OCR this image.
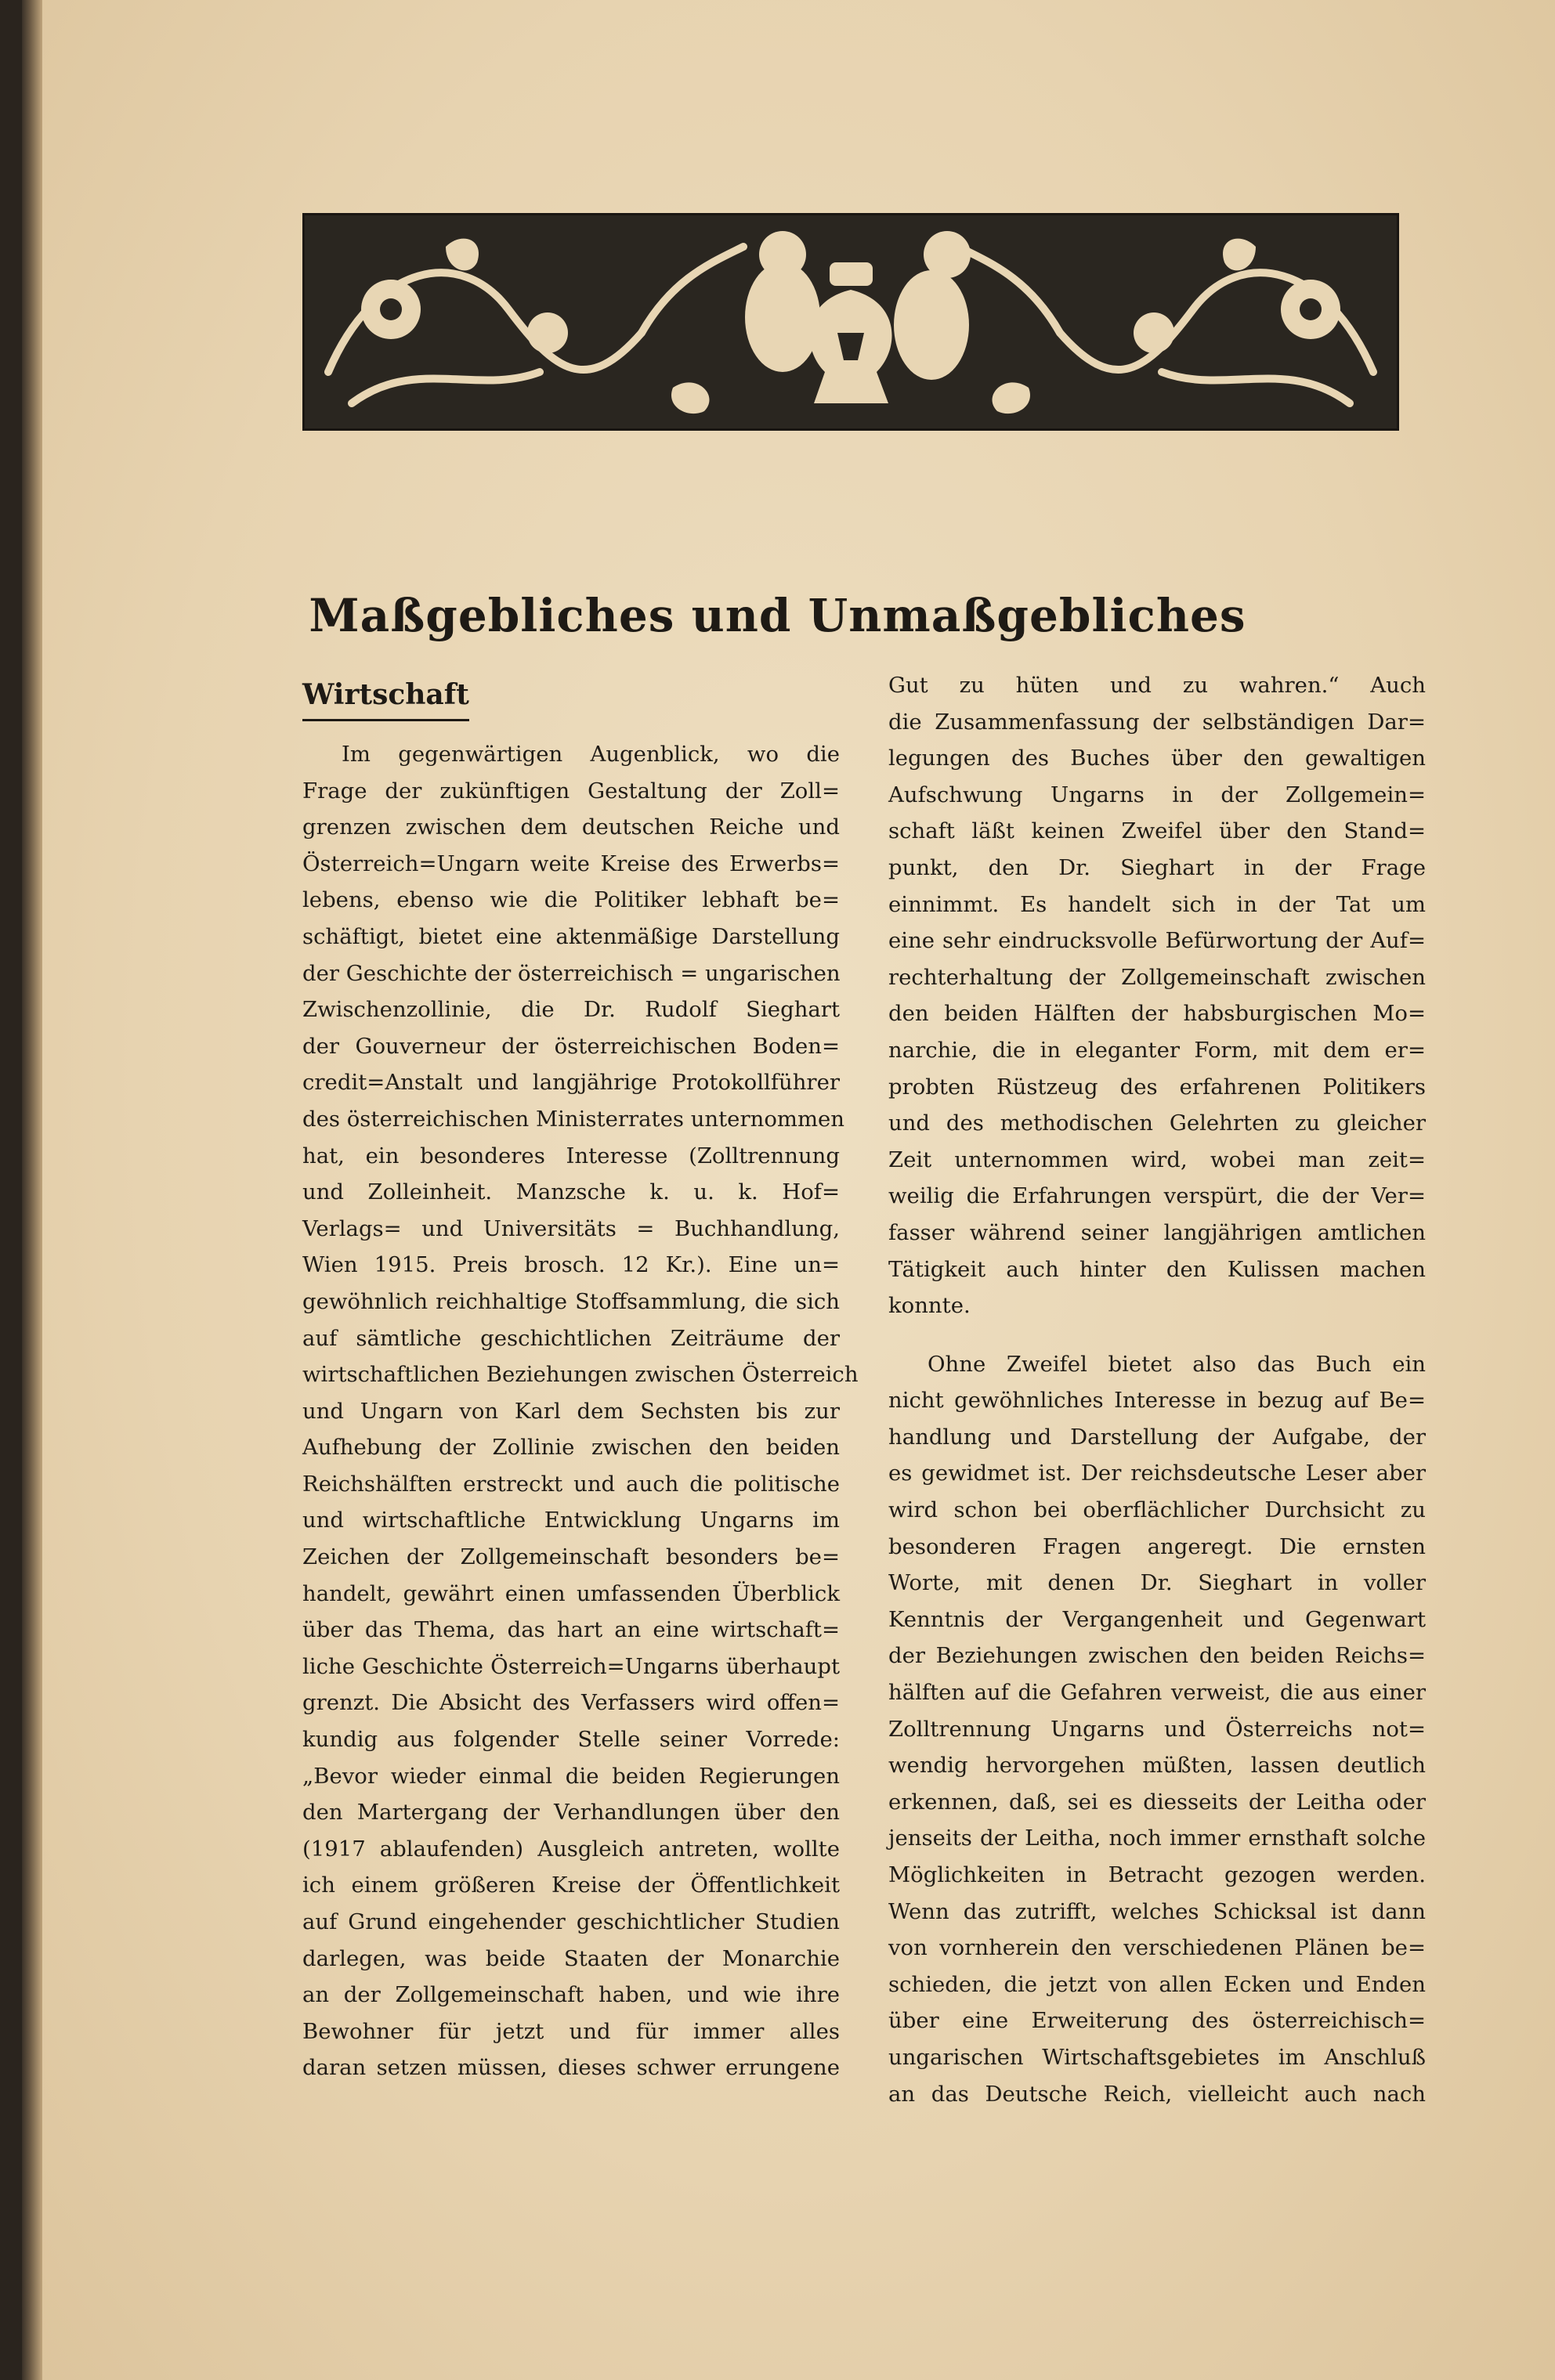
Maßgebliches und Unmaßgebliches
Wirtschaft
Im gegenwärtigen Augenblick, wo die
Frage der zukünftigen Gestaltung der Zoll=
grenzen zwischen dem deutschen Reiche und
Österreich=Ungarn weite Kreise des Erwerbs=
lebens, ebenso wie die Politiker lebhaft be=
schäftigt, bietet eine aktenmäßige Darstellung
der Geschichte der österreichisch = ungarischen
Zwischenzollinie, die Dr. Rudolf Sieghart
der Gouverneur der österreichischen Boden=
credit=Anstalt und langjährige Protokollführer
des österreichischen Ministerrates unternommen
hat, ein besonderes Interesse (Zolltrennung
und Zolleinheit. Manzsche k. u. k. Hof=
Verlags= und Universitäts = Buchhandlung,
Wien 1915. Preis brosch. 12 Kr.). Eine un=
gewöhnlich reichhaltige Stoffsammlung, die sich
auf sämtliche geschichtlichen Zeiträume der
wirtschaftlichen Beziehungen zwischen Österreich
und Ungarn von Karl dem Sechsten bis zur
Aufhebung der Zollinie zwischen den beiden
Reichshälften erstreckt und auch die politische
und wirtschaftliche Entwicklung Ungarns im
Zeichen der Zollgemeinschaft besonders be=
handelt, gewährt einen umfassenden Überblick
über das Thema, das hart an eine wirtschaft=
liche Geschichte Österreich=Ungarns überhaupt
grenzt. Die Absicht des Verfassers wird offen=
kundig aus folgender Stelle seiner Vorrede:
„Bevor wieder einmal die beiden Regierungen
den Martergang der Verhandlungen über den
(1917 ablaufenden) Ausgleich antreten, wollte
ich einem größeren Kreise der Öffentlichkeit
auf Grund eingehender geschichtlicher Studien
darlegen, was beide Staaten der Monarchie
an der Zollgemeinschaft haben, und wie ihre
Bewohner für jetzt und für immer alles
daran setzen müssen, dieses schwer errungene
Gut zu hüten und zu wahren.“ Auch
die Zusammenfassung der selbständigen Dar=
legungen des Buches über den gewaltigen
Aufschwung Ungarns in der Zollgemein=
schaft läßt keinen Zweifel über den Stand=
punkt, den Dr. Sieghart in der Frage
einnimmt. Es handelt sich in der Tat um
eine sehr eindrucksvolle Befürwortung der Auf=
rechterhaltung der Zollgemeinschaft zwischen
den beiden Hälften der habsburgischen Mo=
narchie, die in eleganter Form, mit dem er=
probten Rüstzeug des erfahrenen Politikers
und des methodischen Gelehrten zu gleicher
Zeit unternommen wird, wobei man zeit=
weilig die Erfahrungen verspürt, die der Ver=
fasser während seiner langjährigen amtlichen
Tätigkeit auch hinter den Kulissen machen
konnte.
Ohne Zweifel bietet also das Buch ein
nicht gewöhnliches Interesse in bezug auf Be=
handlung und Darstellung der Aufgabe, der
es gewidmet ist. Der reichsdeutsche Leser aber
wird schon bei oberflächlicher Durchsicht zu
besonderen Fragen angeregt. Die ernsten
Worte, mit denen Dr. Sieghart in voller
Kenntnis der Vergangenheit und Gegenwart
der Beziehungen zwischen den beiden Reichs=
hälften auf die Gefahren verweist, die aus einer
Zolltrennung Ungarns und Österreichs not=
wendig hervorgehen müßten, lassen deutlich
erkennen, daß, sei es diesseits der Leitha oder
jenseits der Leitha, noch immer ernsthaft solche
Möglichkeiten in Betracht gezogen werden.
Wenn das zutrifft, welches Schicksal ist dann
von vornherein den verschiedenen Plänen be=
schieden, die jetzt von allen Ecken und Enden
über eine Erweiterung des österreichisch=
ungarischen Wirtschaftsgebietes im Anschluß
an das Deutsche Reich, vielleicht auch nach
